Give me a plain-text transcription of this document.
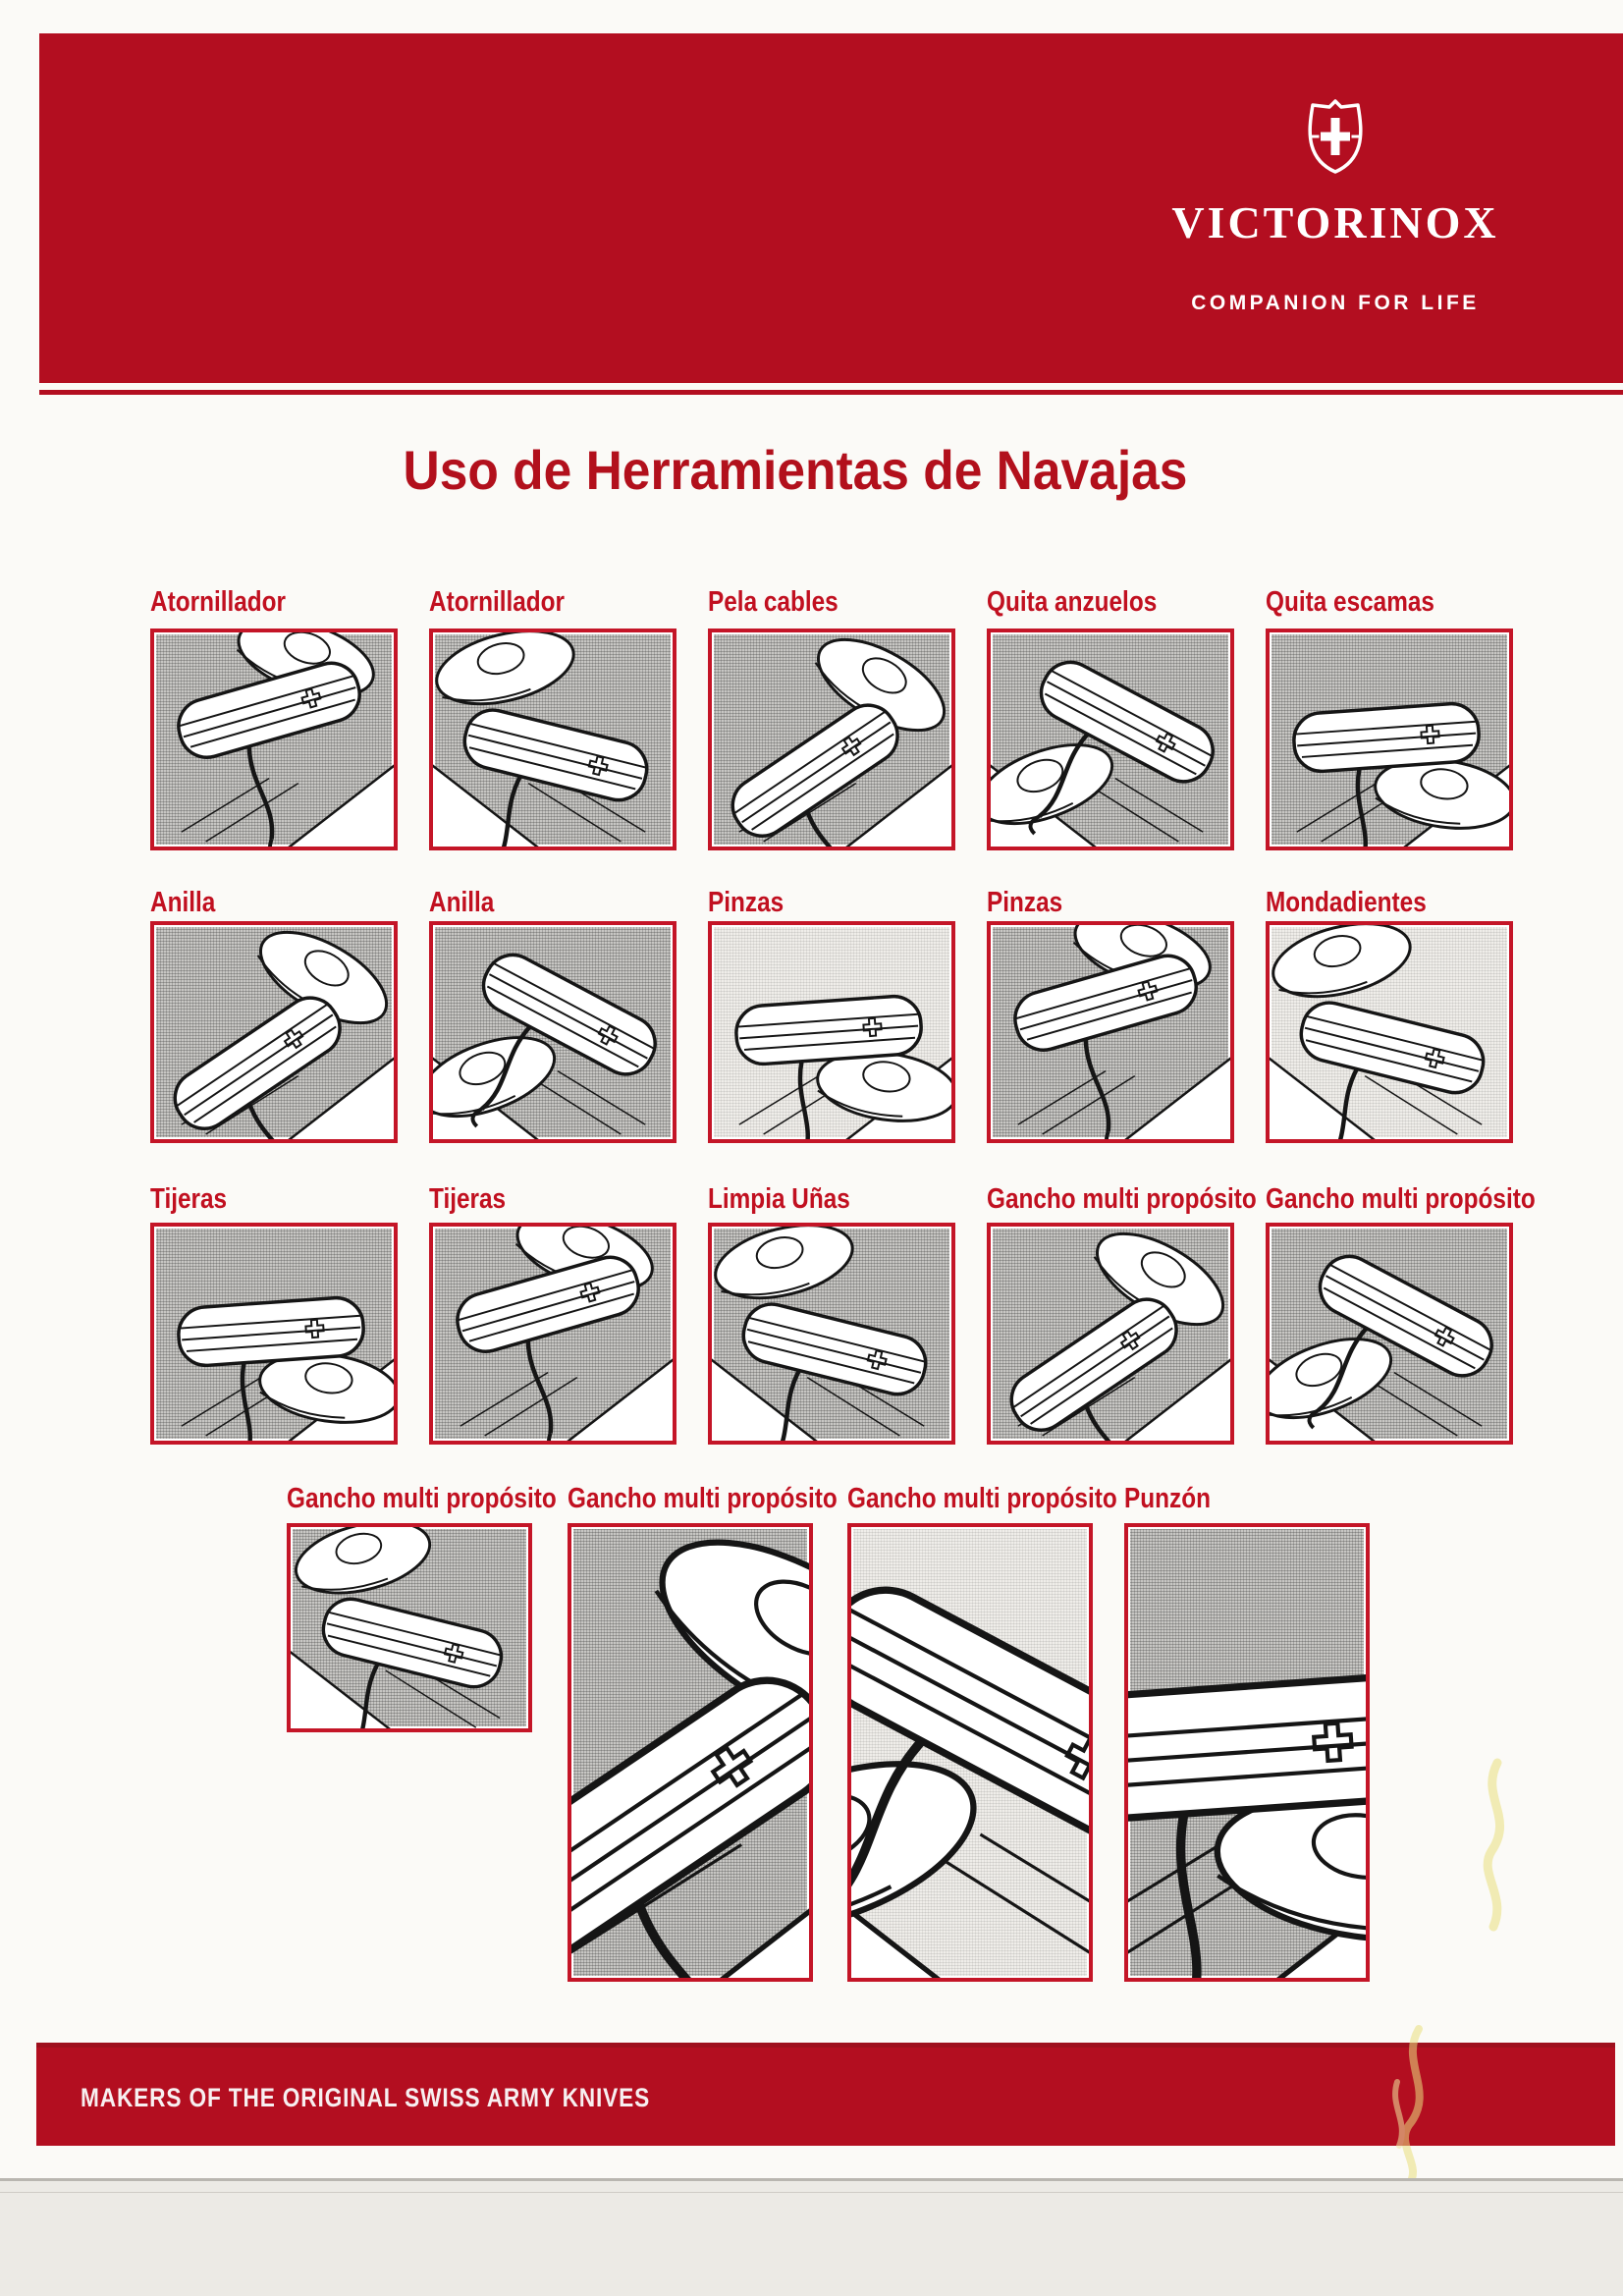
VICTORINOX
COMPANION FOR LIFE
Uso de Herramientas de Navajas
Atornillador	Atornillador	Pela cables	Quita anzuelos	Quita escamas
Anilla	Anilla	Pinzas	Pinzas	Mondadientes
Tijeras	Tijeras	Limpia Uñas	Gancho multi propósito Gancho multi propósito
Gancho multi propósito Gancho multi propósito Gancho multi propósito Punzón
MAKERS OF THE ORIGINAL SWISS ARMY KNIVES
